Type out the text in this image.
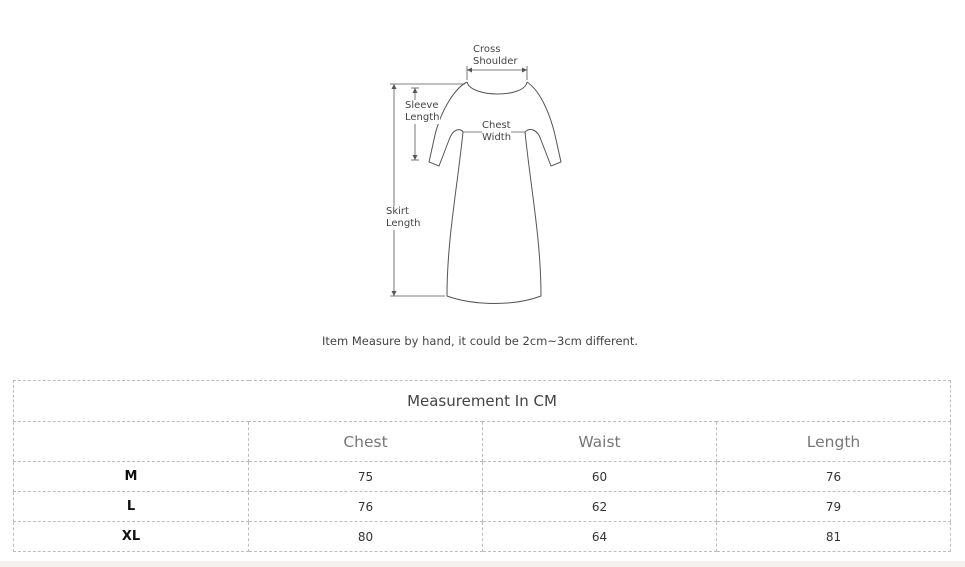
Cross
Shoulder
Sleeve
Length
Chest
Width
Skirt
Length
Item Measure by hand, it could be 2cm~3cm different.
Measurement In CM			
	Chest	Waist	Length
M	75	60	76
L	76	62	79
XL	80	64	81
